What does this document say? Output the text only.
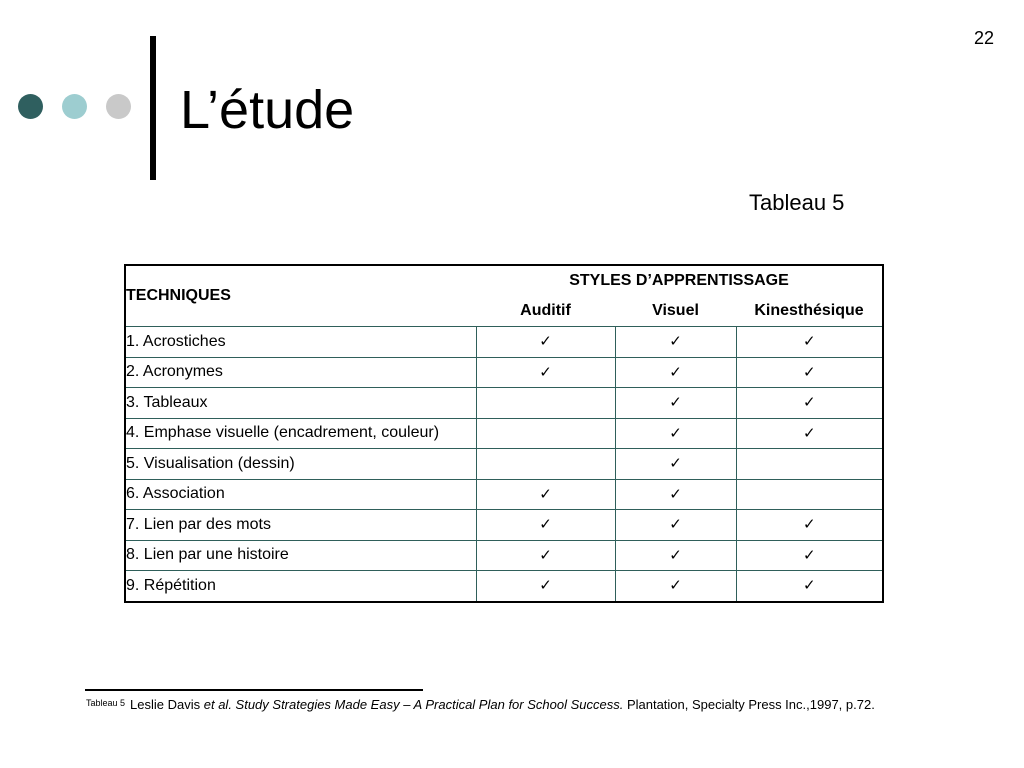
22
L’étude
Tableau 5
TECHNIQUES	STYLES D’APPRENTISSAGE		
	Auditif	Visuel	Kinesthésique
1. Acrostiches	✓	✓	✓
2. Acronymes	✓	✓	✓
3. Tableaux		✓	✓
4. Emphase visuelle (encadrement, couleur)		✓	✓
5. Visualisation (dessin)		✓	
6. Association	✓	✓	
7. Lien par des mots	✓	✓	✓
8. Lien par une histoire	✓	✓	✓
9. Répétition	✓	✓	✓
Tableau 5 Leslie Davis et al. Study Strategies Made Easy – A Practical Plan for School Success. Plantation, Specialty Press Inc.,1997, p.72.
